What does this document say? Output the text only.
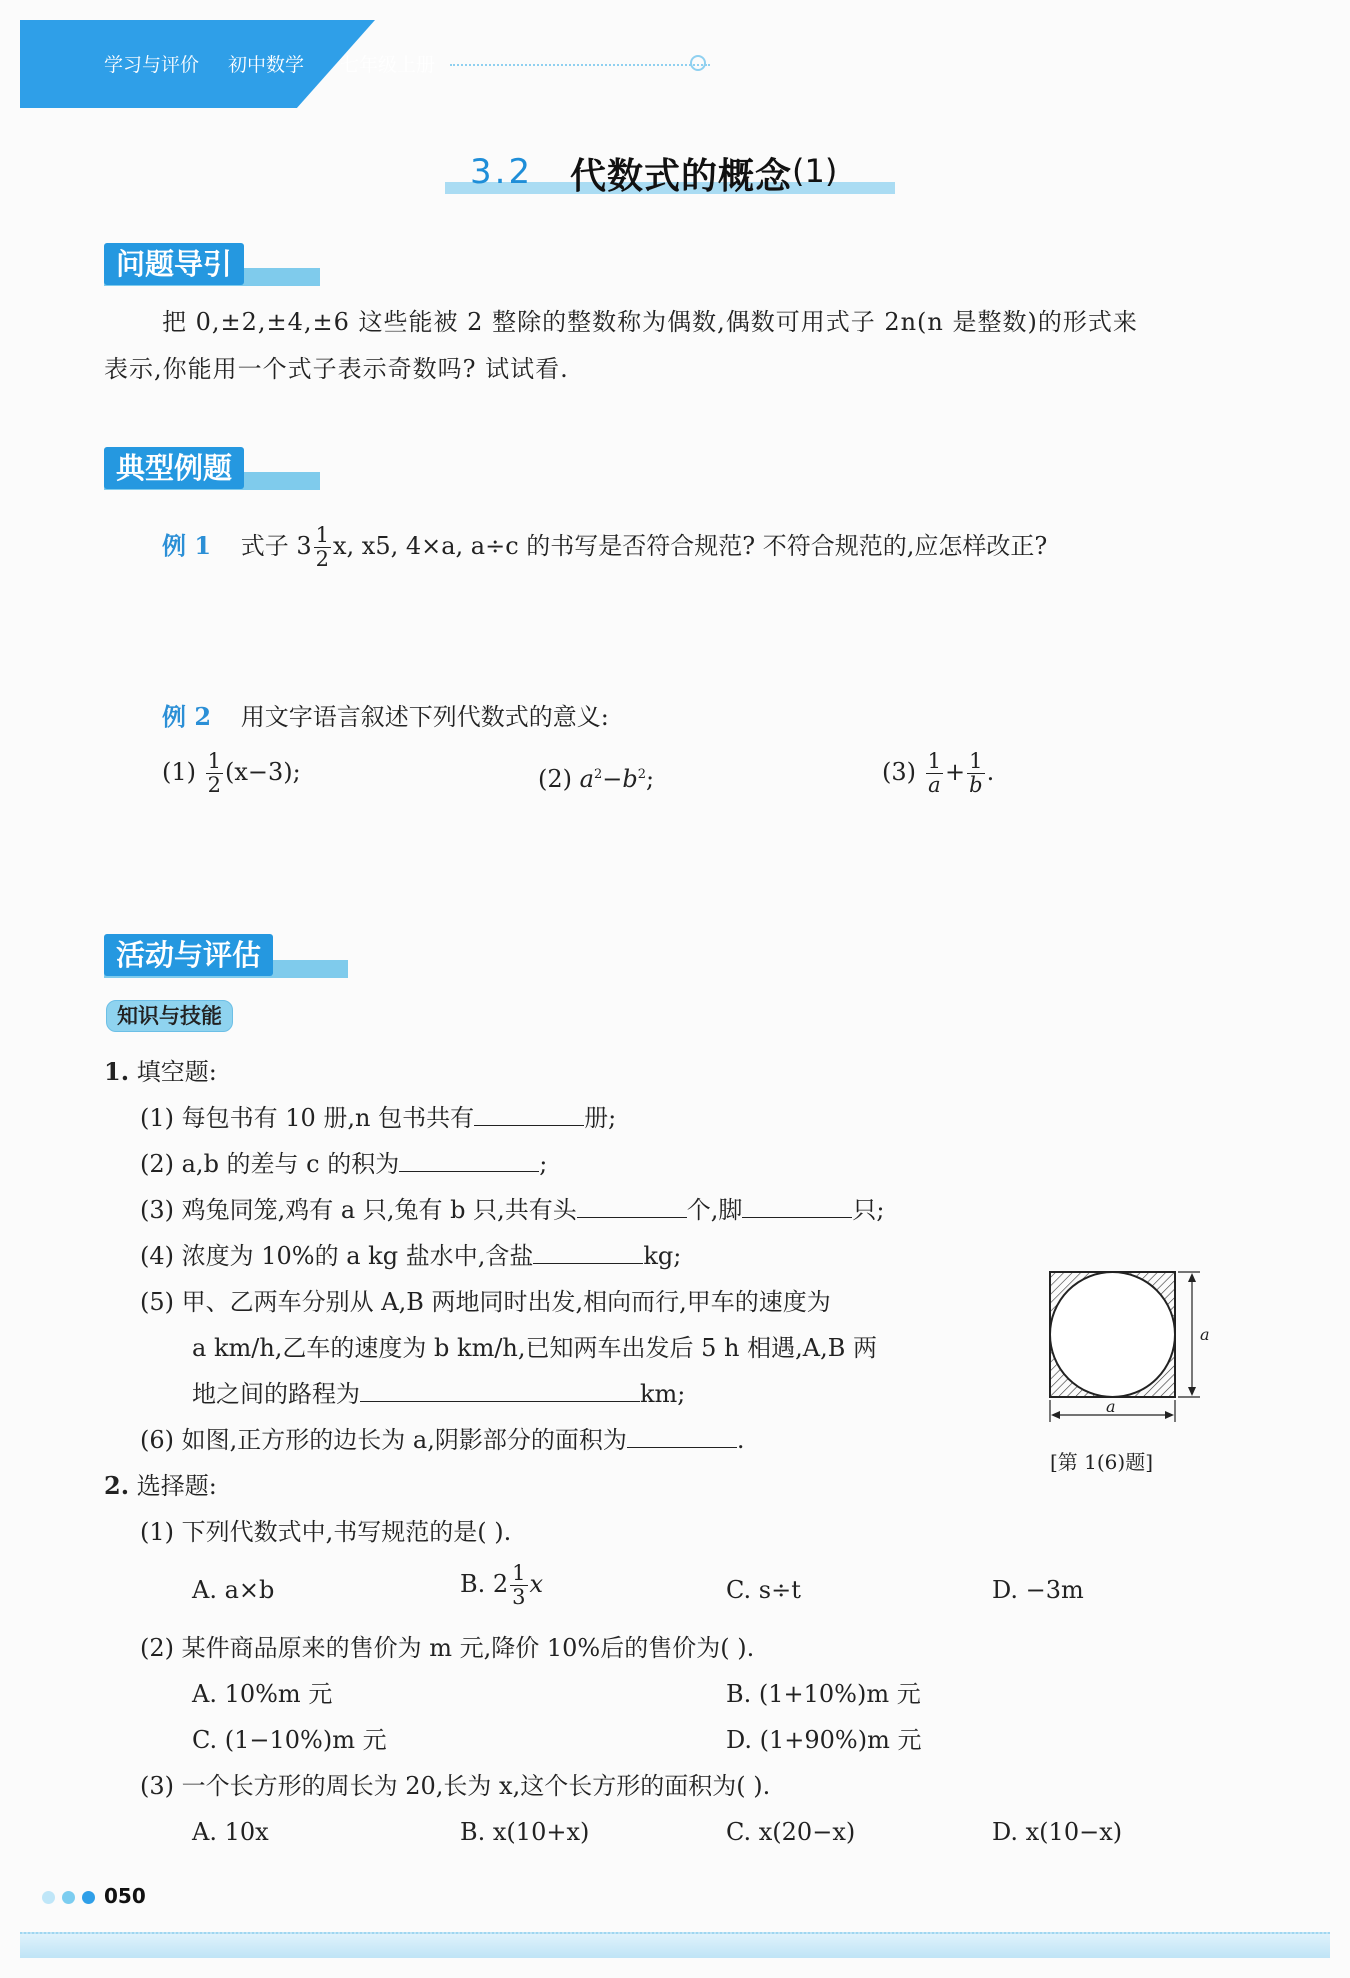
学习与评价 初中数学 七年级上册
3.2 代数式的概念 (1)
问题导引
把 0,±2,±4,±6 这些能被 2 整除的整数称为偶数,偶数可用式子 2n(n 是整数)的形式来
表示,你能用一个式子表示奇数吗? 试试看.
典型例题
例 1 式子 $3 \frac{1}{2} x$, x5, 4×a, a÷c 的书写是否符合规范? 不符合规范的,应怎样改正?
例 2 用文字语言叙述下列代数式的意义:
$(1) \frac{1}{2} (x-3)$;	(2) $a^2-b^2$;	$(3) \frac{1}{a} + \frac{1}{b}$ .
活动与评估
知识与技能
1. 填空题:
(1) 每包书有 10 册,n 包书共有	册;
(2) a,b 的差与 c 的积为	;
(3) 鸡兔同笼,鸡有 a 只,兔有 b 只,共有头	个,脚	只;
(4) 浓度为 10%的 a kg 盐水中,含盐	kg;
(5) 甲、乙两车分别从 A,B 两地同时出发,相向而行,甲车的速度为
a km/h,乙车的速度为 b km/h,已知两车出发后 5 h 相遇,A,B 两
地之间的路程为	km;
(6) 如图,正方形的边长为 a,阴影部分的面积为	.
a
a
[第 1(6)题]
2. 选择题:
(1) 下列代数式中,书写规范的是( ).
A. a×b	B. $2 \frac{1}{3}$ x	C. s÷t	D. −3m
(2) 某件商品原来的售价为 m 元,降价 10%后的售价为( ).
A. 10%m 元	B. (1+10%)m 元
C. (1−10%)m 元	D. (1+90%)m 元
(3) 一个长方形的周长为 20,长为 x,这个长方形的面积为( ).
A. 10x	B. x(10+x)	C. x(20−x)	D. x(10−x)
050
